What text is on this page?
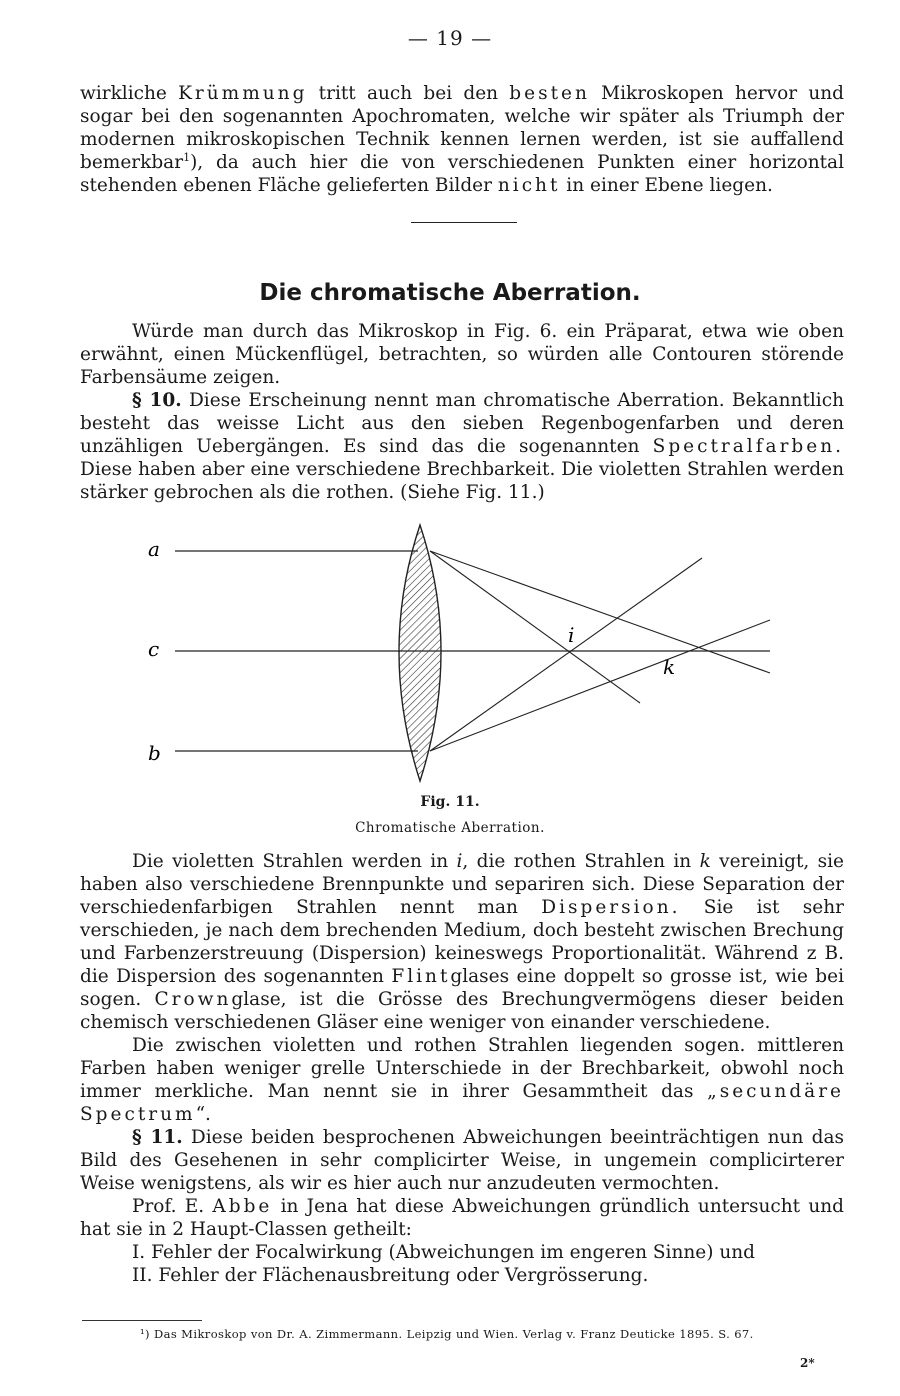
— 19 —

wirkliche Krümmung tritt auch bei den besten Mikroskopen hervor und sogar bei den sogenannten Apochromaten, welche wir später als Triumph der modernen mikroskopischen Technik kennen lernen werden, ist sie auffallend bemerkbar$^1$), da auch hier die von verschiedenen Punkten einer horizontal stehenden ebenen Fläche gelieferten Bilder nicht in einer Ebene liegen.

Die chromatische Aberration.

Würde man durch das Mikroskop in Fig. 6. ein Präparat, etwa wie oben erwähnt, einen Mückenflügel, betrachten, so würden alle Contouren störende Farbensäume zeigen.

§ 10. Diese Erscheinung nennt man chromatische Aberration. Bekanntlich besteht das weisse Licht aus den sieben Regenbogenfarben und deren unzähligen Uebergängen. Es sind das die sogenannten Spectralfarben. Diese haben aber eine verschiedene Brechbarkeit. Die violetten Strahlen werden stärker gebrochen als die rothen. (Siehe Fig. 11.)

a
c
b
i
k
Fig. 11.
Chromatische Aberration.

Die violetten Strahlen werden in i, die rothen Strahlen in k vereinigt, sie haben also verschiedene Brennpunkte und separiren sich. Diese Separation der verschiedenfarbigen Strahlen nennt man Dispersion. Sie ist sehr verschieden, je nach dem brechenden Medium, doch besteht zwischen Brechung und Farbenzerstreuung (Dispersion) keineswegs Proportionalität. Während z B. die Dispersion des sogenannten Flintglases eine doppelt so grosse ist, wie bei sogen. Crownglase, ist die Grösse des Brechungvermögens dieser beiden chemisch verschiedenen Gläser eine weniger von einander verschiedene.

Die zwischen violetten und rothen Strahlen liegenden sogen. mittleren Farben haben weniger grelle Unterschiede in der Brechbarkeit, obwohl noch immer merkliche. Man nennt sie in ihrer Gesammtheit das „secundäre Spectrum“.

§ 11. Diese beiden besprochenen Abweichungen beeinträchtigen nun das Bild des Gesehenen in sehr complicirter Weise, in ungemein complicirterer Weise wenigstens, als wir es hier auch nur anzudeuten vermochten.

Prof. E. Abbe in Jena hat diese Abweichungen gründlich untersucht und hat sie in 2 Haupt-Classen getheilt:

I. Fehler der Focalwirkung (Abweichungen im engeren Sinne) und

II. Fehler der Flächenausbreitung oder Vergrösserung.

¹) Das Mikroskop von Dr. A. Zimmermann. Leipzig und Wien. Verlag v. Franz Deuticke 1895. S. 67.
2*
